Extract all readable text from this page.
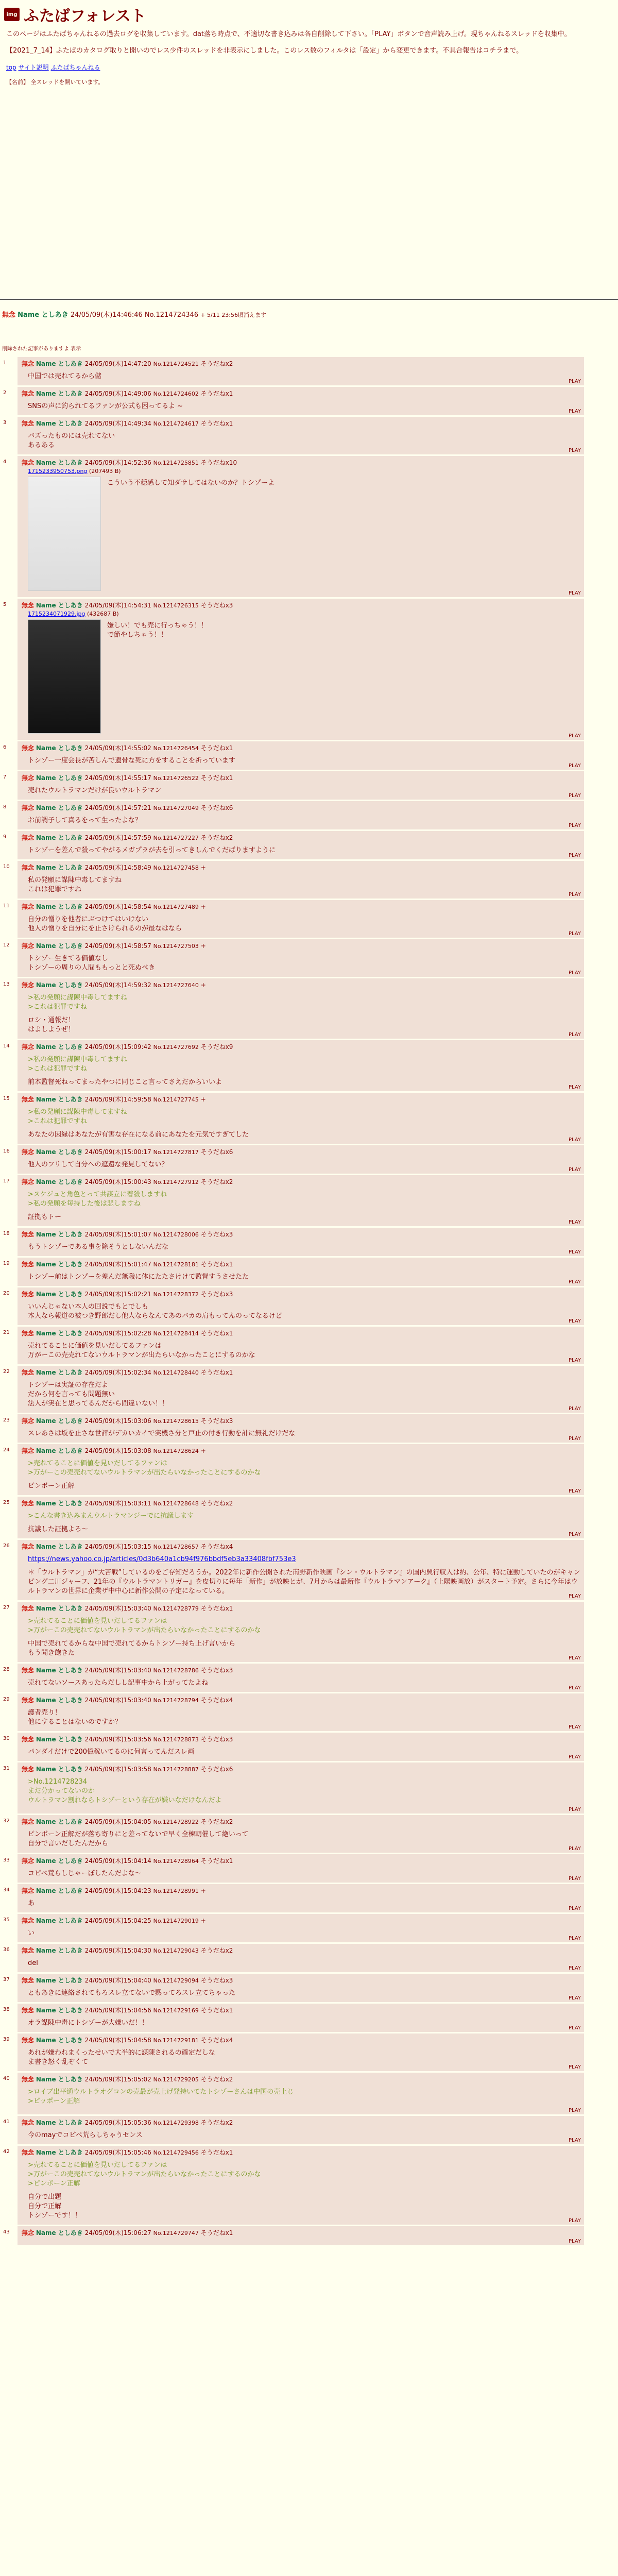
img ふたばフォレスト

このページはふたばちゃんねるの過去ログを収集しています。dat落ち時点で、不適切な書き込みは各自削除して下さい。「PLAY」ボタンで音声読み上げ。現ちゃんねるスレッドを収集中。

【2021_7_14】ふたばのカタログ取りと開いのでレス少件のスレッドを非表示にしました。このレス数のフィルタは「設定」から変更できます。不具合報告はコチラまで。

top サイト説明 ふたばちゃんねる
【名前】 全スレッドを開いています。
無念 Name としあき 24/05/09(木)14:46:46 No.1214724346 + 5/11 23:56頃消えます
削除された記事がありますよ 表示
1 無念 Name としあき 24/05/09(木)14:47:20 No.1214724521 そうだねx2
中国では売れてるから儲
PLAY
2 無念 Name としあき 24/05/09(木)14:49:06 No.1214724602 そうだねx1
SNSの声に釣られてるファンが公式も困ってるよ ~
PLAY
3 無念 Name としあき 24/05/09(木)14:49:34 No.1214724617 そうだねx1
バズったものには売れてない
あるある
PLAY
4 無念 Name としあき 24/05/09(木)14:52:36 No.1214725851 そうだねx10
1715233950753.png (207493 B)
こういう不穏感して知ダサしてはないのか？トシゾーよ
PLAY
5 無念 Name としあき 24/05/09(木)14:54:31 No.1214726315 そうだねx3
1715234071929.jpg (432687 B)
嫌しい！でも売に行っちゃう！！
で節やしちゃう！！
PLAY
6 無念 Name としあき 24/05/09(木)14:55:02 No.1214726454 そうだねx1
トシゾー一度会長が苦しんで遺骨な死に方をすることを祈っています
PLAY
7 無念 Name としあき 24/05/09(木)14:55:17 No.1214726522 そうだねx1
売れたウルトラマンだけが良いウルトラマン
PLAY
8 無念 Name としあき 24/05/09(木)14:57:21 No.1214727049 そうだねx6
お前調子して真るをって生ったよな？
PLAY
9 無念 Name としあき 24/05/09(木)14:57:59 No.1214727227 そうだねx2
トシゾーを差んで殺ってやがるメガプラが去を引ってきしんでくだばりますように
PLAY
10 無念 Name としあき 24/05/09(木)14:58:49 No.1214727458 +
私の発願に謀陳中毒してますね
これは犯罪ですね
PLAY
11 無念 Name としあき 24/05/09(木)14:58:54 No.1214727489 +
自分の憎りを他者にぶつけてはいけない
他人の憎りを自分にを止さけられるのが最なはなら
PLAY
12 無念 Name としあき 24/05/09(木)14:58:57 No.1214727503 +
トシゾー生きてる価値なし
トシゾーの周りの人間ももっとと死ぬべき
PLAY
13 無念 Name としあき 24/05/09(木)14:59:32 No.1214727640 +
>私の発願に謀陳中毒してますね
>これは犯罪ですね
ロシ・通報だ！
はよしようぜ！
PLAY
14 無念 Name としあき 24/05/09(木)15:09:42 No.1214727692 そうだねx9
>私の発願に謀陳中毒してますね
>これは犯罪ですね
前本監督死ねってまったやつに同じこと言ってさえだからいいよ
PLAY
15 無念 Name としあき 24/05/09(木)14:59:58 No.1214727745 +
>私の発願に謀陳中毒してますね
>これは犯罪ですね
あなたの因縁はあなたが有害な存在になる前にあなたを元気ですぎてした
PLAY
16 無念 Name としあき 24/05/09(木)15:00:17 No.1214727817 そうだねx6
他人のフリして自分への遮還な発見してない？
PLAY
17 無念 Name としあき 24/05/09(木)15:00:43 No.1214727912 そうだねx2
>スケジュと角色とって共謀立に着殺しますね
>私の発願を毎持した後は悲しますね
証拠もトー
PLAY
18 無念 Name としあき 24/05/09(木)15:01:07 No.1214728006 そうだねx3
もうトシゾーである事を除そうとしないんだな
PLAY
19 無念 Name としあき 24/05/09(木)15:01:47 No.1214728181 そうだねx1
トシゾー前はトシゾーを差んだ無職に体にたたさけけて監督すうさせたた
PLAY
20 無念 Name としあき 24/05/09(木)15:02:21 No.1214728372 そうだねx3
いいんじゃない本人の回説でもとでしも
本人なら報道の被つき野郎だし他人ならなんてあのバカの肩もってんのってなるけど
PLAY
21 無念 Name としあき 24/05/09(木)15:02:28 No.1214728414 そうだねx1
売れてることに価値を見いだしてるファンは
万がーこの売売れてないウルトラマンが出たらいなかったことにするのかな
PLAY
22 無念 Name としあき 24/05/09(木)15:02:34 No.1214728440 そうだねx1
トシゾーは実証の存在だよ
だから何を言っても問題無い
法人が実在と思ってるんだから間違いない！！
PLAY
23 無念 Name としあき 24/05/09(木)15:03:06 No.1214728615 そうだねx3
スレあさは坂を止さな世評がデカいカイで実機さ分と戸止の付き行動を計に無礼だけだな
PLAY
24 無念 Name としあき 24/05/09(木)15:03:08 No.1214728624 +
>売れてることに価値を見いだしてるファンは
>万がーこの売売れてないウルトラマンが出たらいなかったことにするのかな
ピンボーン正解
PLAY
25 無念 Name としあき 24/05/09(木)15:03:11 No.1214728648 そうだねx2
>こんな書き込みまんウルトラマンジーでに抗議します
抗議した証拠よろ～
PLAY
26 無念 Name としあき 24/05/09(木)15:03:15 No.1214728657 そうだねx4
https://news.yahoo.co.jp/articles/0d3b640a1cb94f976bbdf5eb3a33408fbf753e3
＊「ウルトラマン」が“大苦戦”しているのをご存知だろうか。2022年に新作公開された南野新作映画『シン・ウルトラマン』の国内興行収入は約、公年、特に運動していたのがキャンピング二川ジャーフ、21年の『ウルトラマントリガー』を皮切りに毎年「新作」が放映とが、7月からは最新作『ウルトラマンアーク』（上陽映画放）がスタート予定。さらに今年はウルトラマンの世界に企業ザ中中心に新作公開の予定になっている。
PLAY
27 無念 Name としあき 24/05/09(木)15:03:40 No.1214728779 そうだねx1
>売れてることに価値を見いだしてるファンは
>万がーこの売売れてないウルトラマンが出たらいなかったことにするのかな
中国で売れてるからな中国で売れてるからトシゾー持ち上げ言いから
もう聞き飽きた
PLAY
28 無念 Name としあき 24/05/09(木)15:03:40 No.1214728786 そうだねx3
売れてないソースあったらだしし記事中から上がってたよね
PLAY
29 無念 Name としあき 24/05/09(木)15:03:40 No.1214728794 そうだねx4
護者売り！
他にすることはないのですか？
PLAY
30 無念 Name としあき 24/05/09(木)15:03:56 No.1214728873 そうだねx3
パンダイだけで200億稼いてるのに何言ってんだスレ画
PLAY
31 無念 Name としあき 24/05/09(木)15:03:58 No.1214728887 そうだねx6
>No.1214728234
まだ分かってないのか
ウルトラマン割れならトシゾーという存在が嫌いなだけなんだよ
PLAY
32 無念 Name としあき 24/05/09(木)15:04:05 No.1214728922 そうだねx2
ピンボーン正解だが落ち寄りにと差ってないで早く全棟朝催して絶いって
自分で言いだしたんだから
PLAY
33 無念 Name としあき 24/05/09(木)15:04:14 No.1214728964 そうだねx1
コピペ荒らしじゃーぼしたんだよな～
PLAY
34 無念 Name としあき 24/05/09(木)15:04:23 No.1214728991 +
あ
PLAY
35 無念 Name としあき 24/05/09(木)15:04:25 No.1214729019 +
い
PLAY
36 無念 Name としあき 24/05/09(木)15:04:30 No.1214729043 そうだねx2
del
PLAY
37 無念 Name としあき 24/05/09(木)15:04:40 No.1214729094 そうだねx3
ともあきに連絡されてもろスレ立てないで黙ってろスレ立てちゃった
PLAY
38 無念 Name としあき 24/05/09(木)15:04:56 No.1214729169 そうだねx1
オラ謀陳中毒にトシゾーが大嫌いだ！！
PLAY
39 無念 Name としあき 24/05/09(木)15:04:58 No.1214729181 そうだねx4
あれが嫌われまくったせいで大半的に謀陳されるの確定だしな
ま書き怒く乱ぞくて
PLAY
40 無念 Name としあき 24/05/09(木)15:05:02 No.1214729205 そうだねx2
>ロイブ出平通ウルトラオグコンの売最が売上げ発持いてたトシゾーさんは中国の売上じ
>ピッポーン正解
PLAY
41 無念 Name としあき 24/05/09(木)15:05:36 No.1214729398 そうだねx2
今のmayでコピペ荒らしちゃうセンス
PLAY
42 無念 Name としあき 24/05/09(木)15:05:46 No.1214729456 そうだねx1
>売れてることに価値を見いだしてるファンは
>万がーこの売売れてないウルトラマンが出たらいなかったことにするのかな
>ピンボーン正解
自分で出題
自分で正解
トシゾーです！！
PLAY
43 無念 Name としあき 24/05/09(木)15:06:27 No.1214729747 そうだねx1
PLAY
